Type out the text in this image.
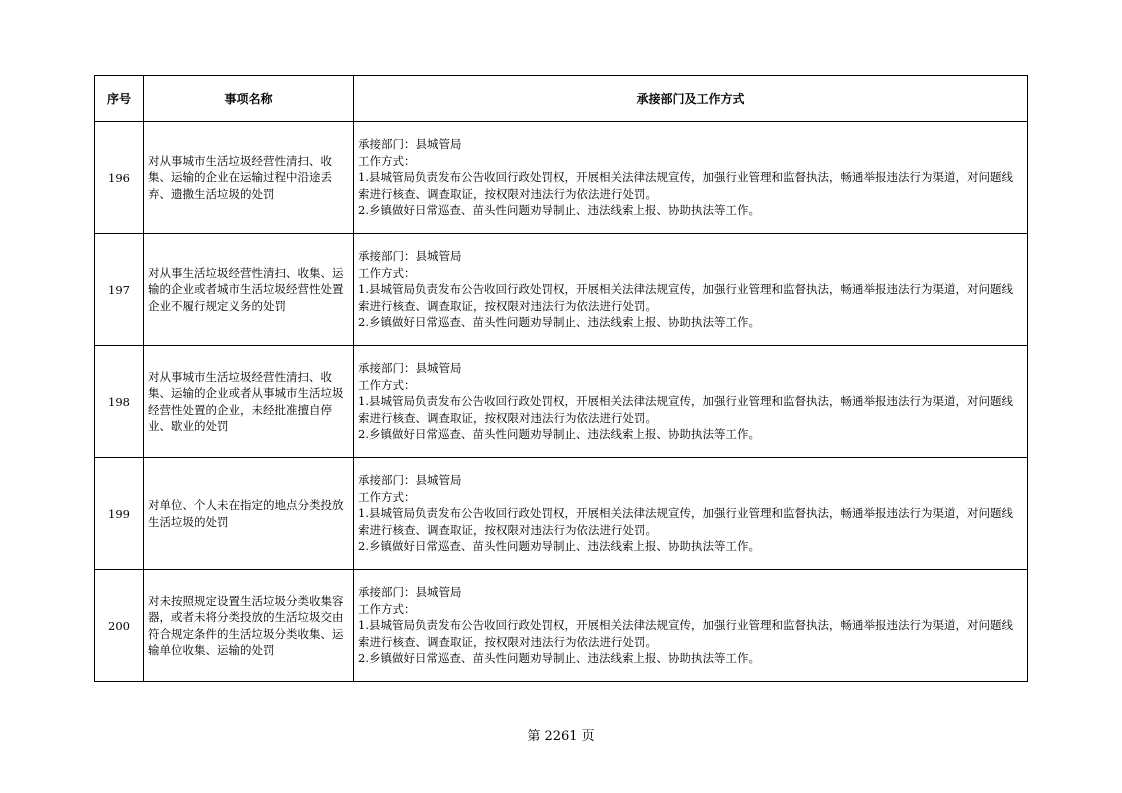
序号	事项名称	承接部门及工作方式
196	对从事城市生活垃圾经营性清扫、收集、运输的企业在运输过程中沿途丢弃、遗撒生活垃圾的处罚	承接部门：县城管局
工作方式：
1.县城管局负责发布公告收回行政处罚权，开展相关法律法规宣传，加强行业管理和监督执法，畅通举报违法行为渠道，对问题线索进行核查、调查取证，按权限对违法行为依法进行处罚。
2.乡镇做好日常巡查、苗头性问题劝导制止、违法线索上报、协助执法等工作。

197	对从事生活垃圾经营性清扫、收集、运输的企业或者城市生活垃圾经营性处置企业不履行规定义务的处罚	承接部门：县城管局
工作方式：
1.县城管局负责发布公告收回行政处罚权，开展相关法律法规宣传，加强行业管理和监督执法，畅通举报违法行为渠道，对问题线索进行核查、调查取证，按权限对违法行为依法进行处罚。
2.乡镇做好日常巡查、苗头性问题劝导制止、违法线索上报、协助执法等工作。

198	对从事城市生活垃圾经营性清扫、收集、运输的企业或者从事城市生活垃圾经营性处置的企业，未经批准擅自停业、歇业的处罚	承接部门：县城管局
工作方式：
1.县城管局负责发布公告收回行政处罚权，开展相关法律法规宣传，加强行业管理和监督执法，畅通举报违法行为渠道，对问题线索进行核查、调查取证，按权限对违法行为依法进行处罚。
2.乡镇做好日常巡查、苗头性问题劝导制止、违法线索上报、协助执法等工作。

199	对单位、个人未在指定的地点分类投放生活垃圾的处罚	承接部门：县城管局
工作方式：
1.县城管局负责发布公告收回行政处罚权，开展相关法律法规宣传，加强行业管理和监督执法，畅通举报违法行为渠道，对问题线索进行核查、调查取证，按权限对违法行为依法进行处罚。
2.乡镇做好日常巡查、苗头性问题劝导制止、违法线索上报、协助执法等工作。

200	对未按照规定设置生活垃圾分类收集容器，或者未将分类投放的生活垃圾交由符合规定条件的生活垃圾分类收集、运输单位收集、运输的处罚	承接部门：县城管局
工作方式：
1.县城管局负责发布公告收回行政处罚权，开展相关法律法规宣传，加强行业管理和监督执法，畅通举报违法行为渠道，对问题线索进行核查、调查取证，按权限对违法行为依法进行处罚。
2.乡镇做好日常巡查、苗头性问题劝导制止、违法线索上报、协助执法等工作。
第 2261 页
